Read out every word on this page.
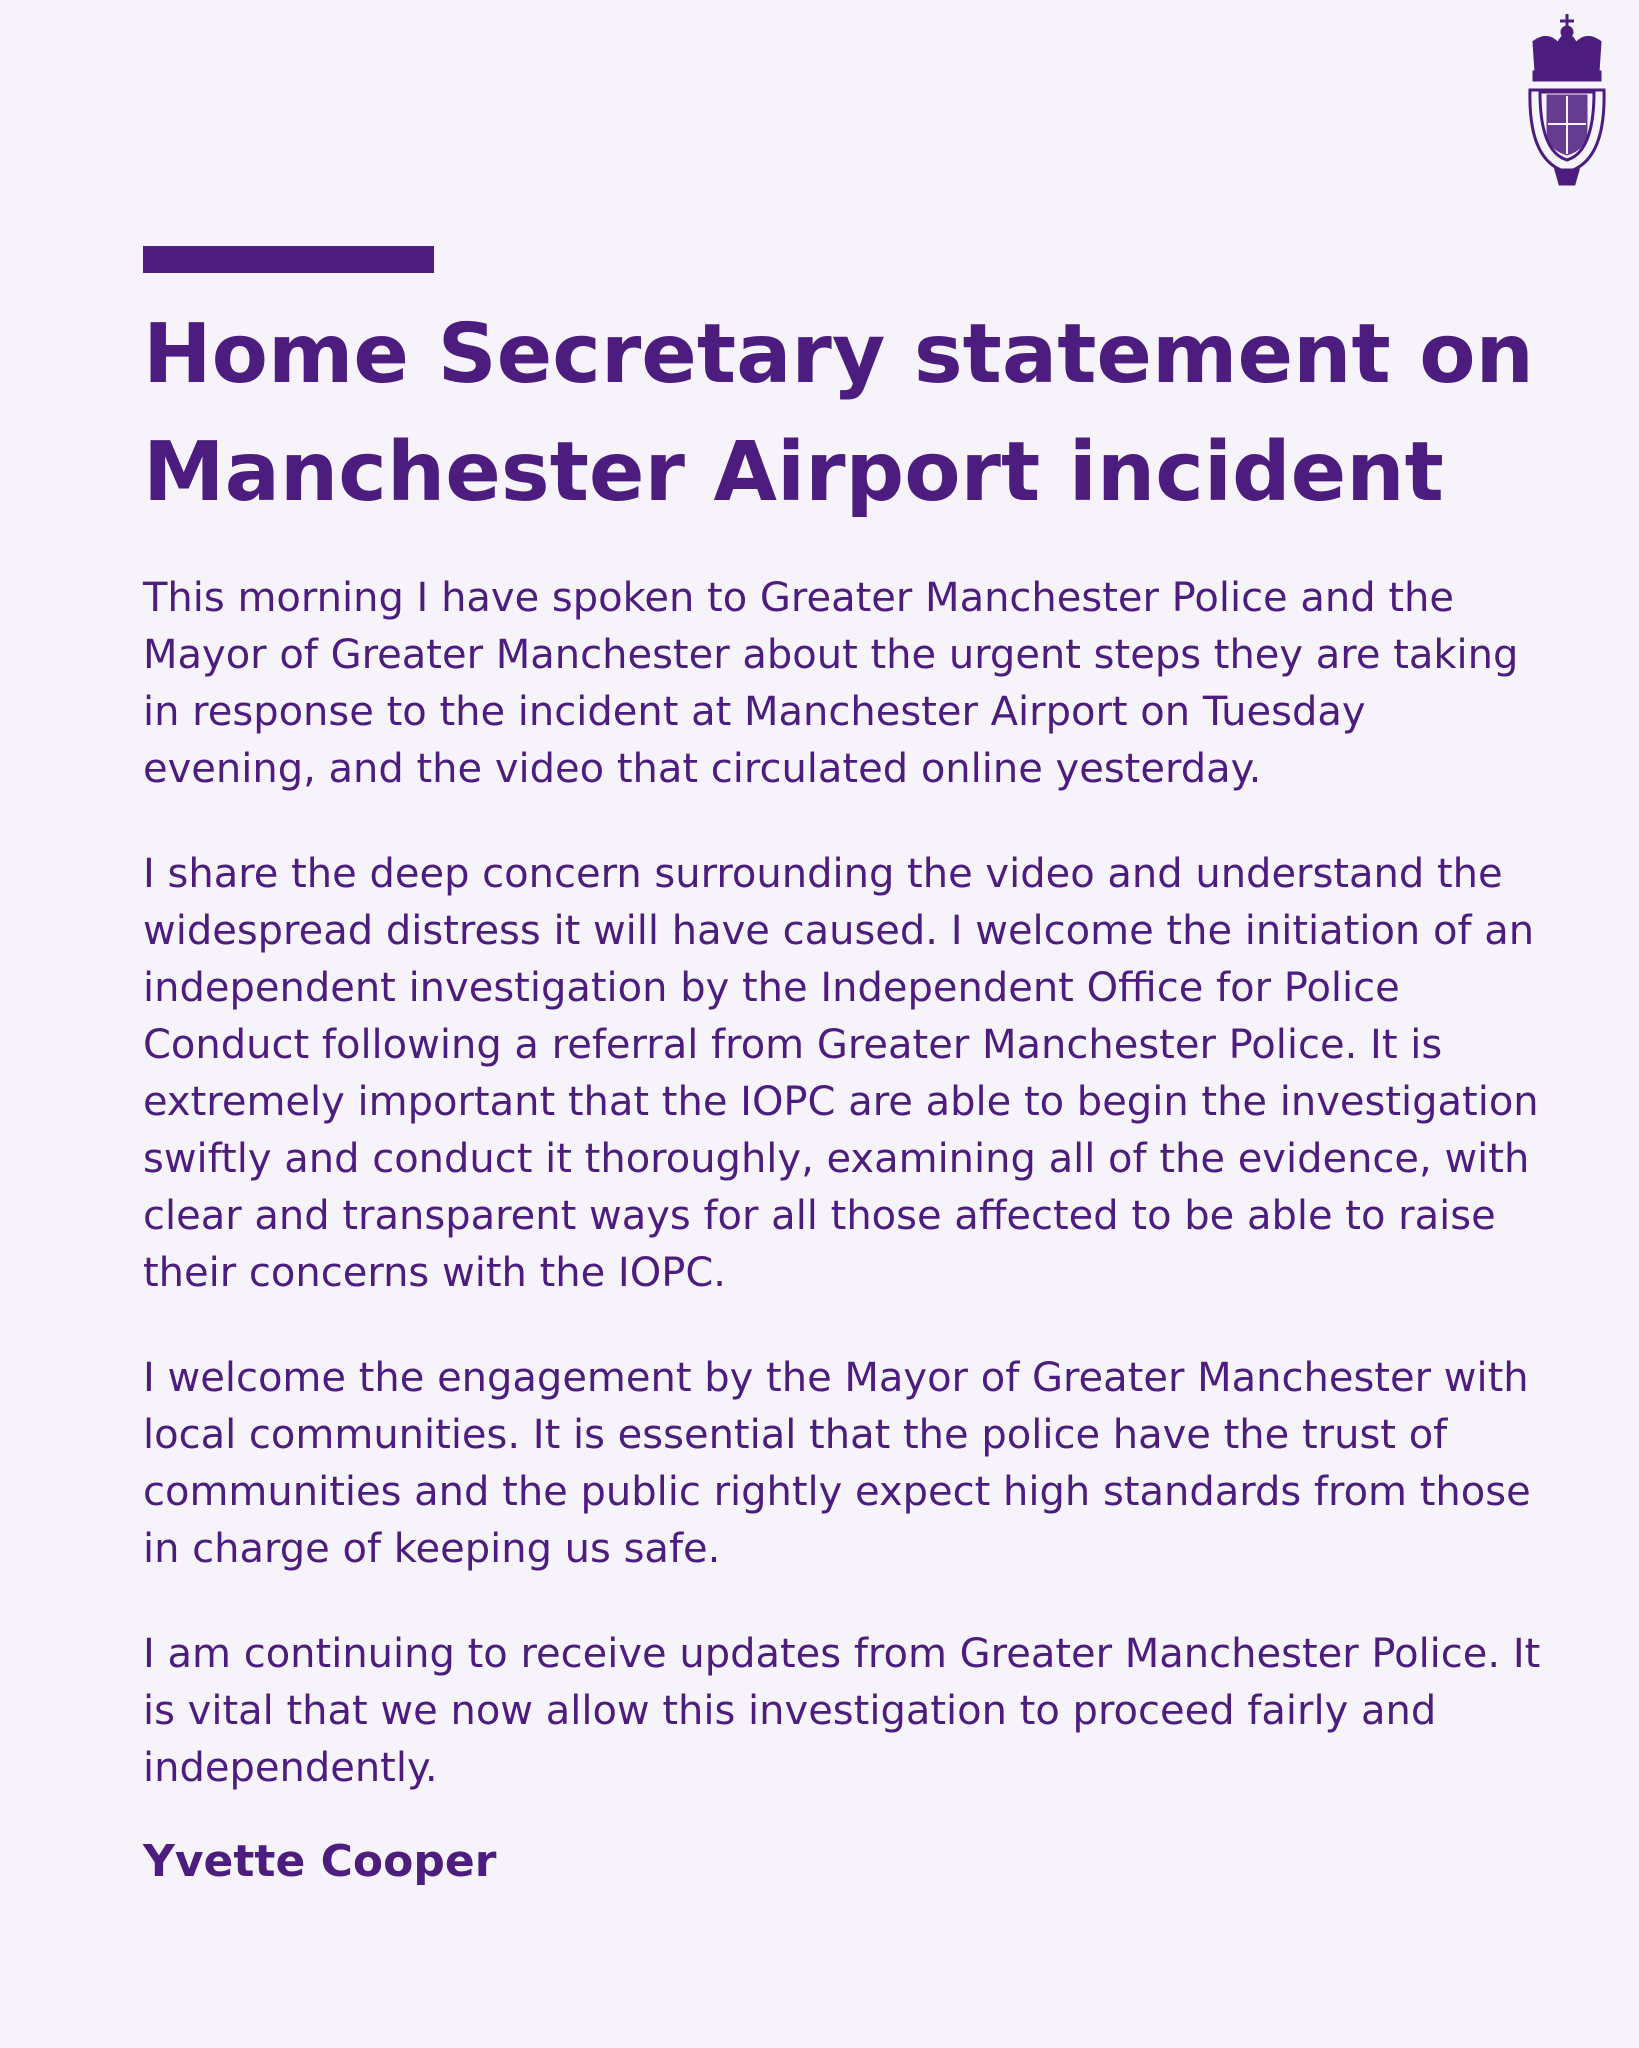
Home Secretary statement on
Manchester Airport incident

This morning I have spoken to Greater Manchester Police and the Mayor of Greater Manchester about the urgent steps they are taking in response to the incident at Manchester Airport on Tuesday evening, and the video that circulated online yesterday.

I share the deep concern surrounding the video and understand the widespread distress it will have caused. I welcome the initiation of an independent investigation by the Independent Office for Police Conduct following a referral from Greater Manchester Police. It is extremely important that the IOPC are able to begin the investigation swiftly and conduct it thoroughly, examining all of the evidence, with clear and transparent ways for all those affected to be able to raise their concerns with the IOPC.

I welcome the engagement by the Mayor of Greater Manchester with local communities. It is essential that the police have the trust of communities and the public rightly expect high standards from those in charge of keeping us safe.

I am continuing to receive updates from Greater Manchester Police. It is vital that we now allow this investigation to proceed fairly and independently.

Yvette Cooper
